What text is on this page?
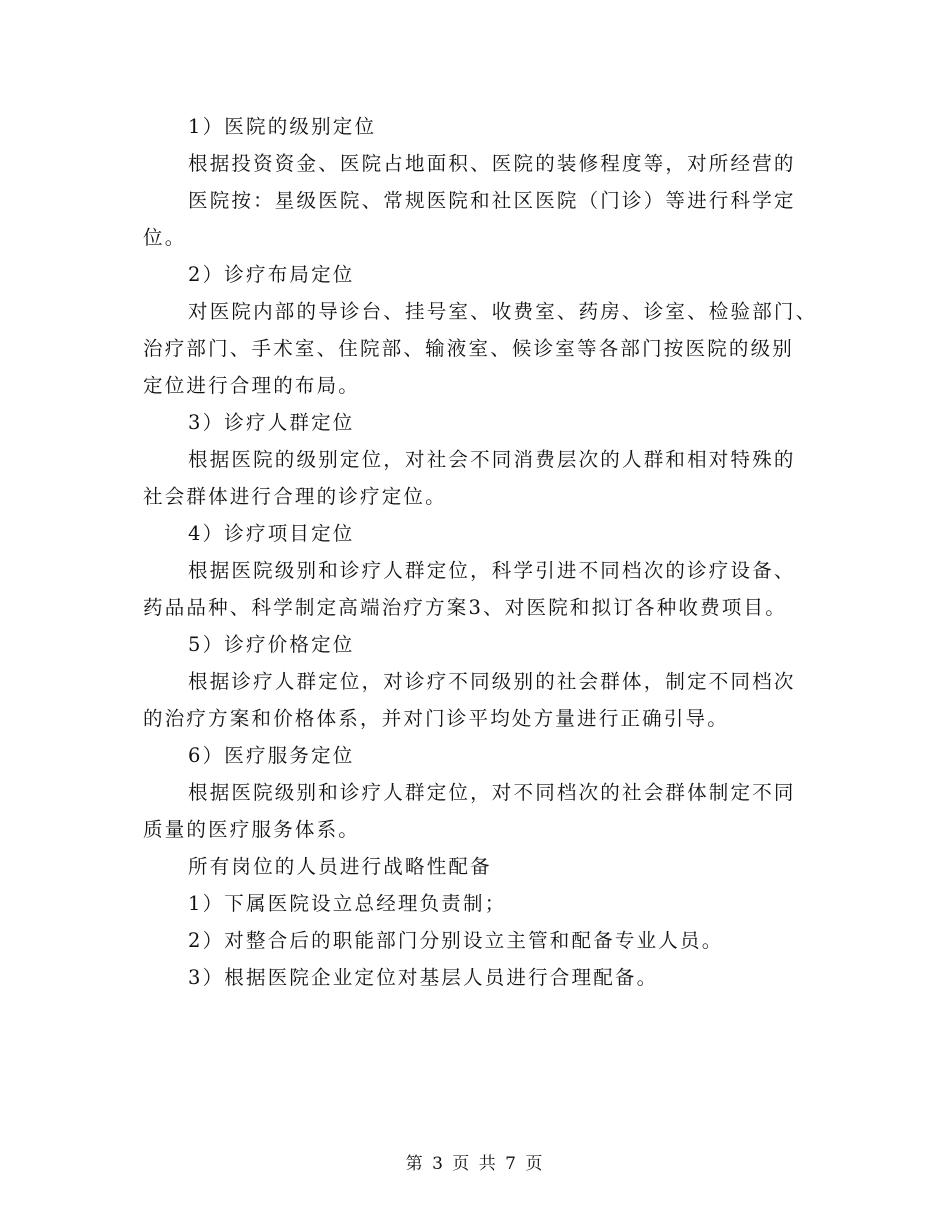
1）医院的级别定位
根据投资资金、医院占地面积、医院的装修程度等，对所经营的
医院按：星级医院、常规医院和社区医院（门诊）等进行科学定
位。
2）诊疗布局定位
对医院内部的导诊台、挂号室、收费室、药房、诊室、检验部门、
治疗部门、手术室、住院部、输液室、候诊室等各部门按医院的级别
定位进行合理的布局。
3）诊疗人群定位
根据医院的级别定位，对社会不同消费层次的人群和相对特殊的
社会群体进行合理的诊疗定位。
4）诊疗项目定位
根据医院级别和诊疗人群定位，科学引进不同档次的诊疗设备、
药品品种、科学制定高端治疗方案3、对医院和拟订各种收费项目。
5）诊疗价格定位
根据诊疗人群定位，对诊疗不同级别的社会群体，制定不同档次
的治疗方案和价格体系，并对门诊平均处方量进行正确引导。
6）医疗服务定位
根据医院级别和诊疗人群定位，对不同档次的社会群体制定不同
质量的医疗服务体系。
所有岗位的人员进行战略性配备
1）下属医院设立总经理负责制；
2）对整合后的职能部门分别设立主管和配备专业人员。
3）根据医院企业定位对基层人员进行合理配备。
第 3 页 共 7 页
